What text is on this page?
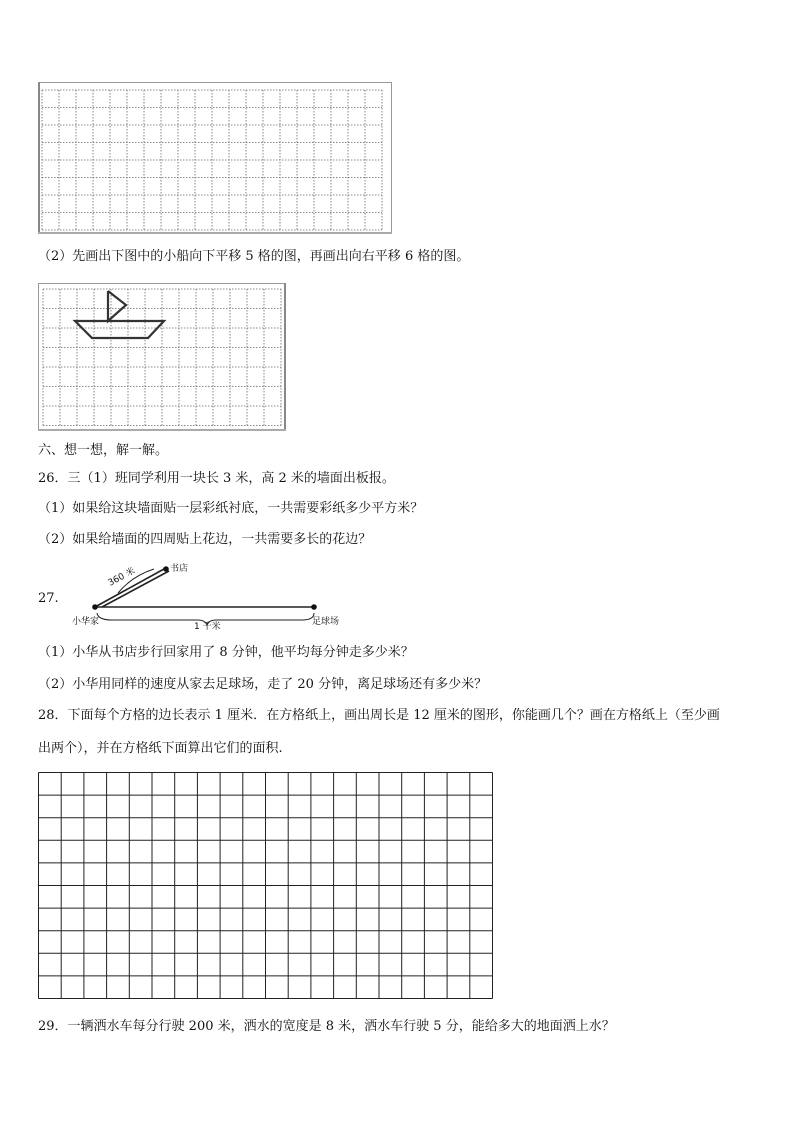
（2）先画出下图中的小船向下平移 5 格的图，再画出向右平移 6 格的图。
六、想一想，解一解。
26．三（1）班同学利用一块长 3 米，高 2 米的墙面出板报。
（1）如果给这块墙面贴一层彩纸衬底，一共需要彩纸多少平方米？
（2）如果给墙面的四周贴上花边，一共需要多长的花边？
27.
书店
360 米
小华家	1 千米	足球场
（1）小华从书店步行回家用了 8 分钟，他平均每分钟走多少米？
（2）小华用同样的速度从家去足球场，走了 20 分钟，离足球场还有多少米？
28．下面每个方格的边长表示 1 厘米．在方格纸上，画出周长是 12 厘米的图形，你能画几个？画在方格纸上（至少画
出两个），并在方格纸下面算出它们的面积.
29．一辆洒水车每分行驶 200 米，洒水的宽度是 8 米，洒水车行驶 5 分，能给多大的地面洒上水？
